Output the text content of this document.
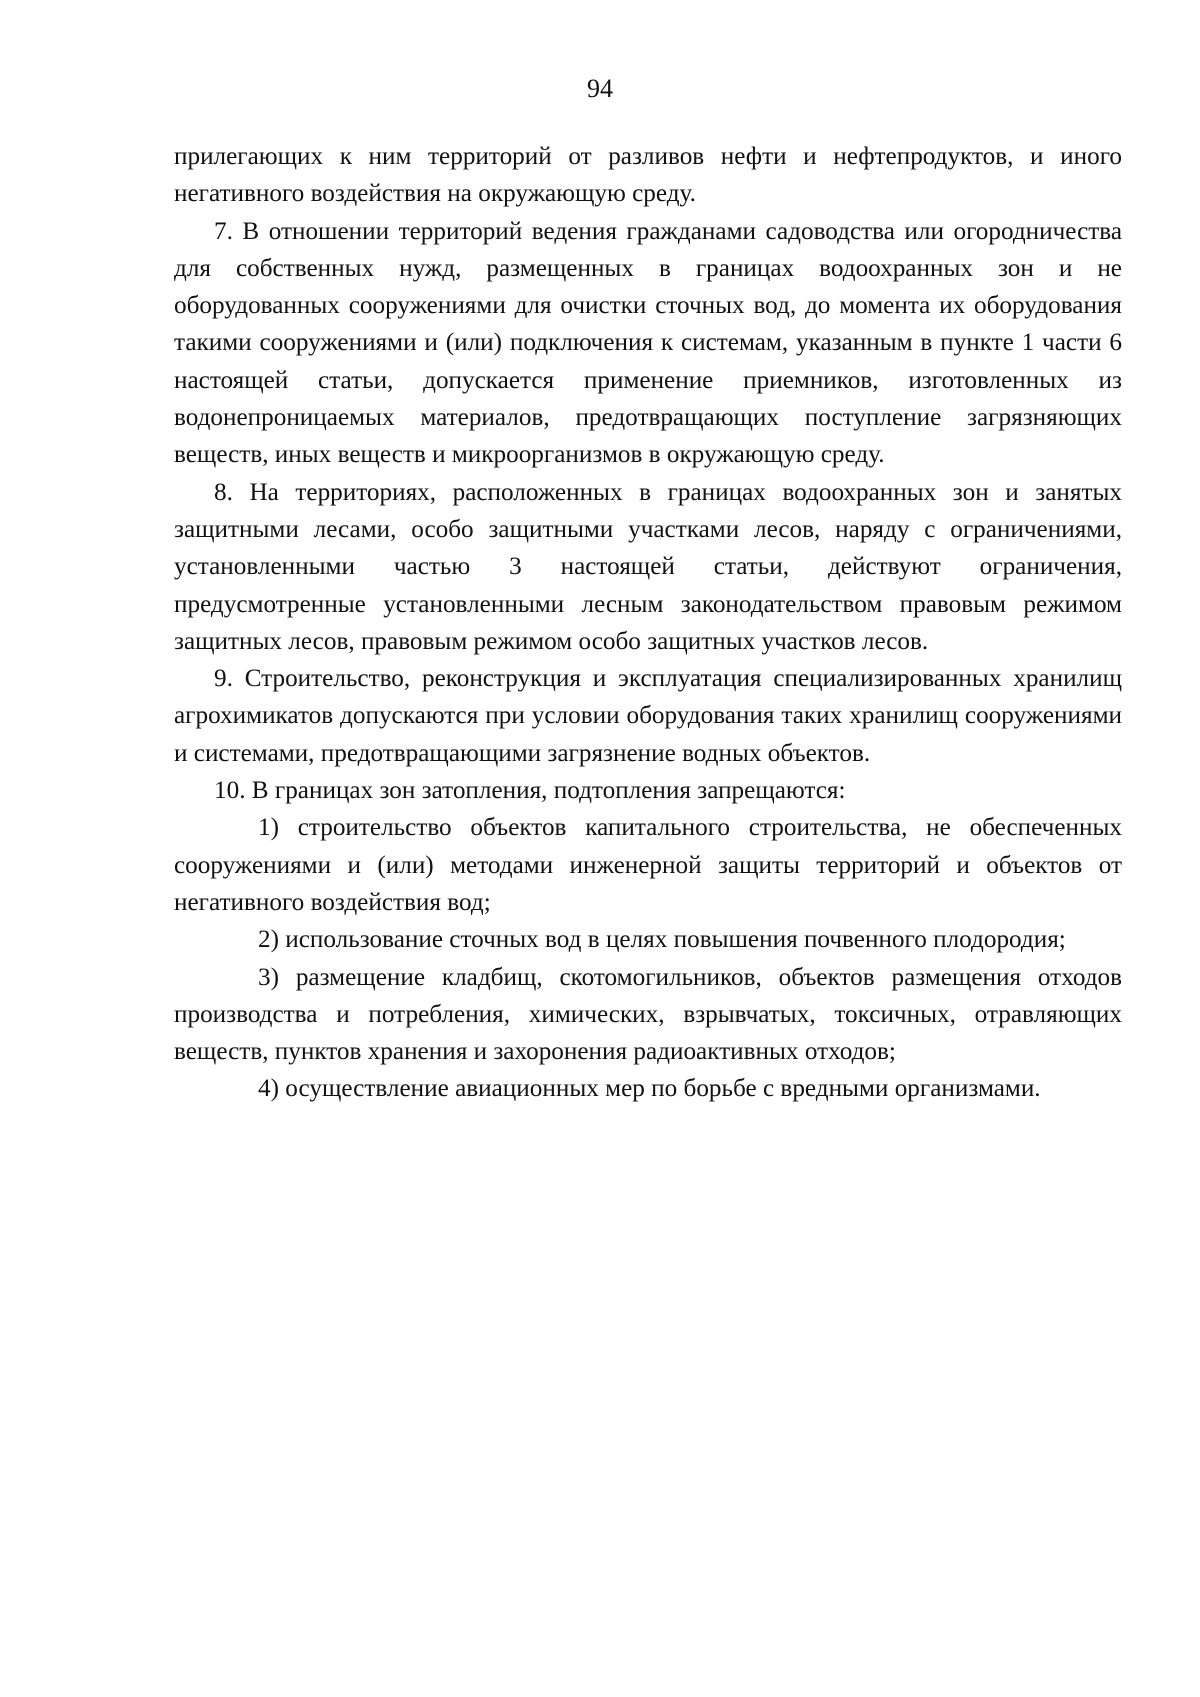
94

прилегающих к ним территорий от разливов нефти и нефтепродуктов, и иного негативного воздействия на окружающую среду.

7. В отношении территорий ведения гражданами садоводства или огородничества для собственных нужд, размещенных в границах водоохранных зон и не оборудованных сооружениями для очистки сточных вод, до момента их оборудования такими сооружениями и (или) подключения к системам, указанным в пункте 1 части 6 настоящей статьи, допускается применение приемников, изготовленных из водонепроницаемых материалов, предотвращающих поступление загрязняющих веществ, иных веществ и микроорганизмов в окружающую среду.

8. На территориях, расположенных в границах водоохранных зон и занятых защитными лесами, особо защитными участками лесов, наряду с ограничениями, установленными частью 3 настоящей статьи, действуют ограничения, предусмотренные установленными лесным законодательством правовым режимом защитных лесов, правовым режимом особо защитных участков лесов.

9. Строительство, реконструкция и эксплуатация специализированных хранилищ агрохимикатов допускаются при условии оборудования таких хранилищ сооружениями и системами, предотвращающими загрязнение водных объектов.

10. В границах зон затопления, подтопления запрещаются:

1) строительство объектов капитального строительства, не обеспеченных сооружениями и (или) методами инженерной защиты территорий и объектов от негативного воздействия вод;

2) использование сточных вод в целях повышения почвенного плодородия;

3) размещение кладбищ, скотомогильников, объектов размещения отходов производства и потребления, химических, взрывчатых, токсичных, отравляющих веществ, пунктов хранения и захоронения радиоактивных отходов;

4) осуществление авиационных мер по борьбе с вредными организмами.
